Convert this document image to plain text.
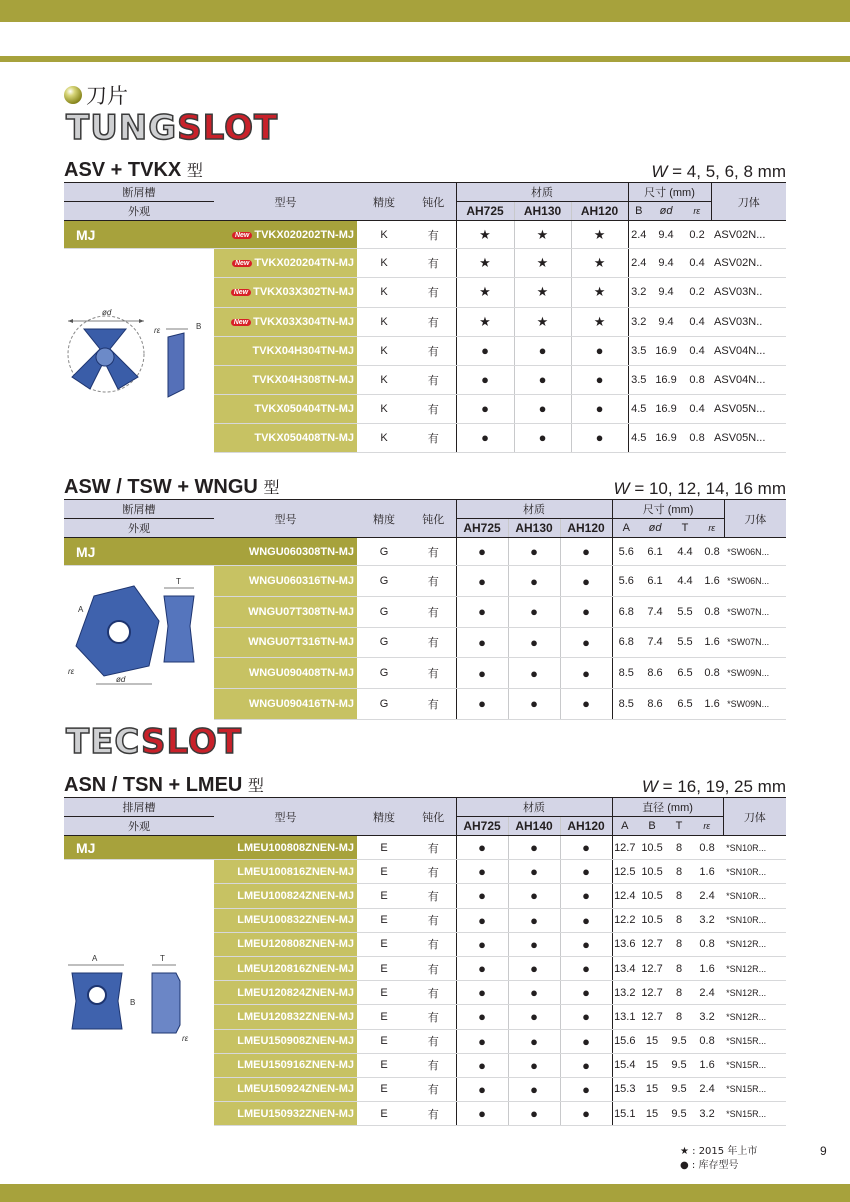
刀片
TUNGSLOT
ASV + TVKX 型	W = 4, 5, 6, 8 mm
断屑槽	型号	精度	钝化	材质			尺寸 (mm)			刀体
外观				AH725	AH130	AH120	B	ød	rε	
MJ	New TVKX020202TN-MJ	K	有	★	★	★	2.4	9.4	0.2	ASV02N...

ød
rε B	New TVKX020204TN-MJ	K	有	★	★	★	2.4	9.4	0.4	ASV02N..
	New TVKX03X302TN-MJ	K	有	★	★	★	3.2	9.4	0.2	ASV03N..
	New TVKX03X304TN-MJ	K	有	★	★	★	3.2	9.4	0.4	ASV03N..
	TVKX04H304TN-MJ	K	有	●	●	●	3.5	16.9	0.4	ASV04N...
	TVKX04H308TN-MJ	K	有	●	●	●	3.5	16.9	0.8	ASV04N...
	TVKX050404TN-MJ	K	有	●	●	●	4.5	16.9	0.4	ASV05N...
	TVKX050408TN-MJ	K	有	●	●	●	4.5	16.9	0.8	ASV05N...
ASW / TSW + WNGU 型	W = 10, 12, 14, 16 mm
断屑槽	型号	精度	钝化	材质			尺寸 (mm)				刀体
外观				AH725	AH130	AH120	A	ød	T	rε	
MJ	WNGU060308TN-MJ	G	有	●	●	●	5.6	6.1	4.4	0.8	*SW06N...

T
A
ød
rε	WNGU060316TN-MJ	G	有	●	●	●	5.6	6.1	4.4	1.6	*SW06N...
	WNGU07T308TN-MJ	G	有	●	●	●	6.8	7.4	5.5	0.8	*SW07N...
	WNGU07T316TN-MJ	G	有	●	●	●	6.8	7.4	5.5	1.6	*SW07N...
	WNGU090408TN-MJ	G	有	●	●	●	8.5	8.6	6.5	0.8	*SW09N...
	WNGU090416TN-MJ	G	有	●	●	●	8.5	8.6	6.5	1.6	*SW09N...
TECSLOT
ASN / TSN + LMEU 型	W = 16, 19, 25 mm
排屑槽	型号	精度	钝化	材质			直径 (mm)				刀体
外观				AH725	AH140	AH120	A	B	T	rε	
MJ	LMEU100808ZNEN-MJ	E	有	●	●	●	12.7	10.5	8	0.8	*SN10R...

A T
B
rε	LMEU100816ZNEN-MJ	E	有	●	●	●	12.5	10.5	8	1.6	*SN10R...
	LMEU100824ZNEN-MJ	E	有	●	●	●	12.4	10.5	8	2.4	*SN10R...
	LMEU100832ZNEN-MJ	E	有	●	●	●	12.2	10.5	8	3.2	*SN10R...
	LMEU120808ZNEN-MJ	E	有	●	●	●	13.6	12.7	8	0.8	*SN12R...
	LMEU120816ZNEN-MJ	E	有	●	●	●	13.4	12.7	8	1.6	*SN12R...
	LMEU120824ZNEN-MJ	E	有	●	●	●	13.2	12.7	8	2.4	*SN12R...
	LMEU120832ZNEN-MJ	E	有	●	●	●	13.1	12.7	8	3.2	*SN12R...
	LMEU150908ZNEN-MJ	E	有	●	●	●	15.6	15	9.5	0.8	*SN15R...
	LMEU150916ZNEN-MJ	E	有	●	●	●	15.4	15	9.5	1.6	*SN15R...
	LMEU150924ZNEN-MJ	E	有	●	●	●	15.3	15	9.5	2.4	*SN15R...
	LMEU150932ZNEN-MJ	E	有	●	●	●	15.1	15	9.5	3.2	*SN15R...
★ : 2015 年上市
● : 库存型号
9
